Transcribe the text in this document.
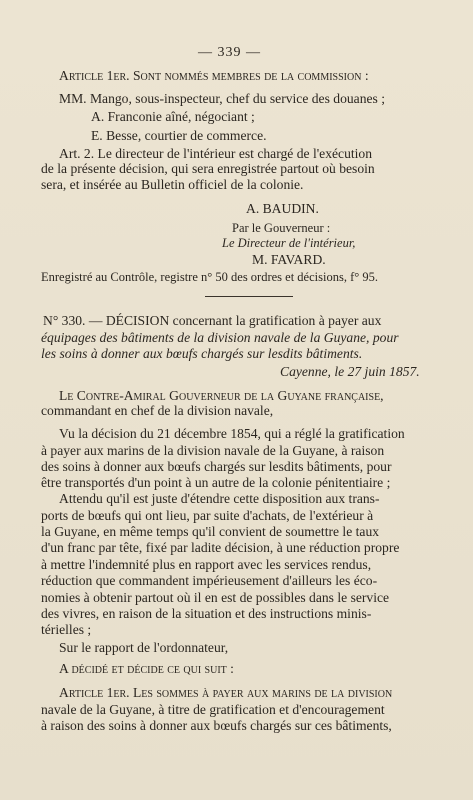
— 339 —
Article 1er. Sont nommés membres de la commission :
MM. Mango, sous-inspecteur, chef du service des douanes ;
A. Franconie aîné, négociant ;
E. Besse, courtier de commerce.
Art. 2. Le directeur de l'intérieur est chargé de l'exécution
de la présente décision, qui sera enregistrée partout où besoin
sera, et insérée au Bulletin officiel de la colonie.
A. BAUDIN.
Par le Gouverneur :
Le Directeur de l'intérieur,
M. FAVARD.
Enregistré au Contrôle, registre n° 50 des ordres et décisions, f° 95.
N° 330. — DÉCISION concernant la gratification à payer aux
équipages des bâtiments de la division navale de la Guyane, pour
les soins à donner aux bœufs chargés sur lesdits bâtiments.
Cayenne, le 27 juin 1857.
Le Contre-Amiral Gouverneur de la Guyane française,
commandant en chef de la division navale,
Vu la décision du 21 décembre 1854, qui a réglé la gratification
à payer aux marins de la division navale de la Guyane, à raison
des soins à donner aux bœufs chargés sur lesdits bâtiments, pour
être transportés d'un point à un autre de la colonie pénitentiaire ;
Attendu qu'il est juste d'étendre cette disposition aux trans-
ports de bœufs qui ont lieu, par suite d'achats, de l'extérieur à
la Guyane, en même temps qu'il convient de soumettre le taux
d'un franc par tête, fixé par ladite décision, à une réduction propre
à mettre l'indemnité plus en rapport avec les services rendus,
réduction que commandent impérieusement d'ailleurs les éco-
nomies à obtenir partout où il en est de possibles dans le service
des vivres, en raison de la situation et des instructions minis-
térielles ;
Sur le rapport de l'ordonnateur,
A décidé et décide ce qui suit :
Article 1er. Les sommes à payer aux marins de la division
navale de la Guyane, à titre de gratification et d'encouragement
à raison des soins à donner aux bœufs chargés sur ces bâtiments,
